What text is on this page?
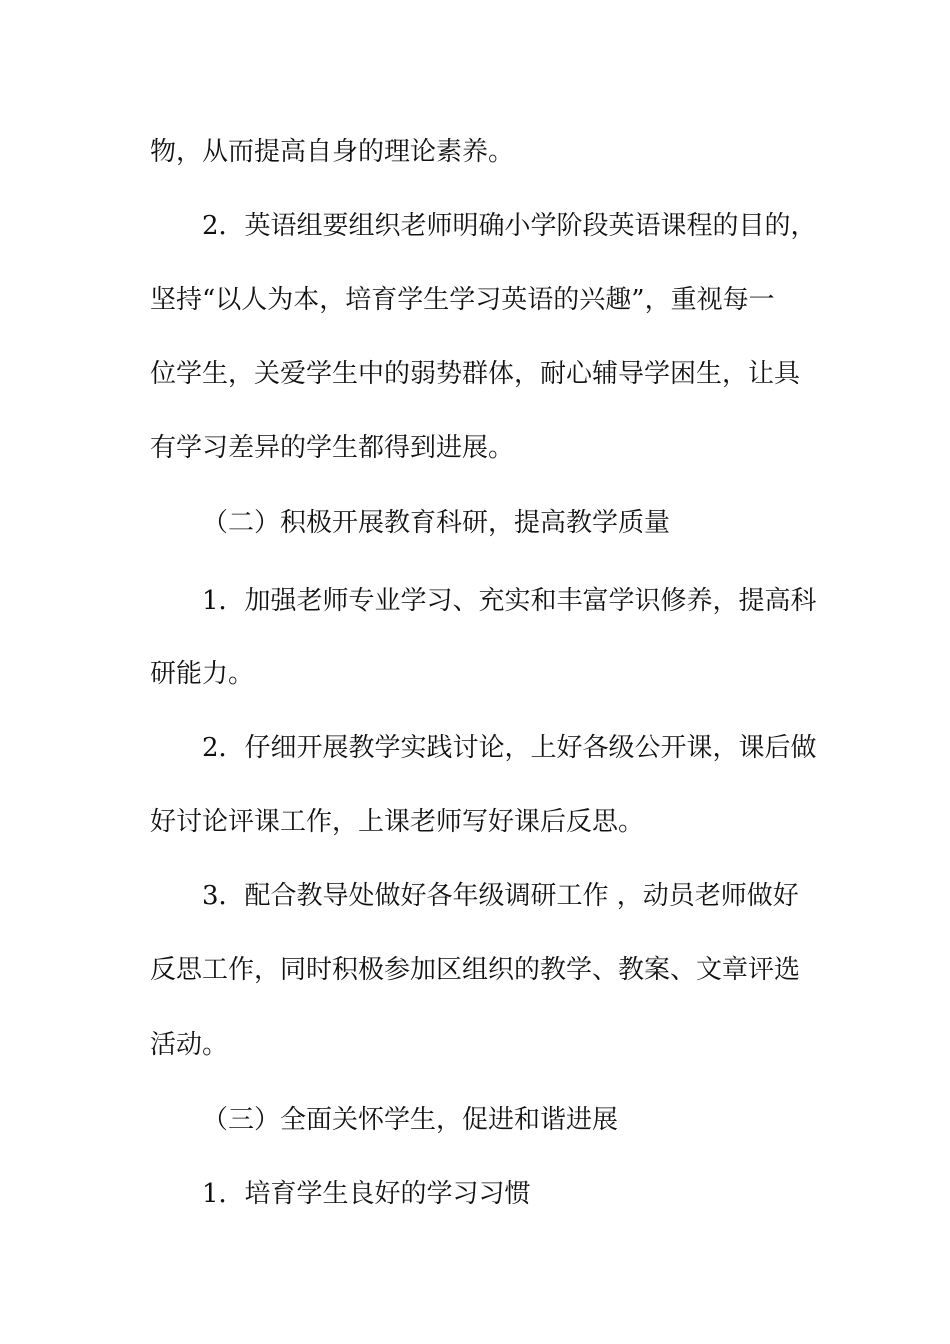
物，从而提高自身的理论素养。
2．英语组要组织老师明确小学阶段英语课程的目的，
坚持“以人为本，培育学生学习英语的兴趣”，重视每一
位学生，关爱学生中的弱势群体，耐心辅导学困生，让具
有学习差异的学生都得到进展。
（二）积极开展教育科研，提高教学质量
1．加强老师专业学习、充实和丰富学识修养，提高科
研能力。
2．仔细开展教学实践讨论，上好各级公开课，课后做
好讨论评课工作，上课老师写好课后反思。
3．配合教导处做好各年级调研工作 ，动员老师做好
反思工作，同时积极参加区组织的教学、教案、文章评选
活动。
（三）全面关怀学生，促进和谐进展
1．培育学生良好的学习习惯
